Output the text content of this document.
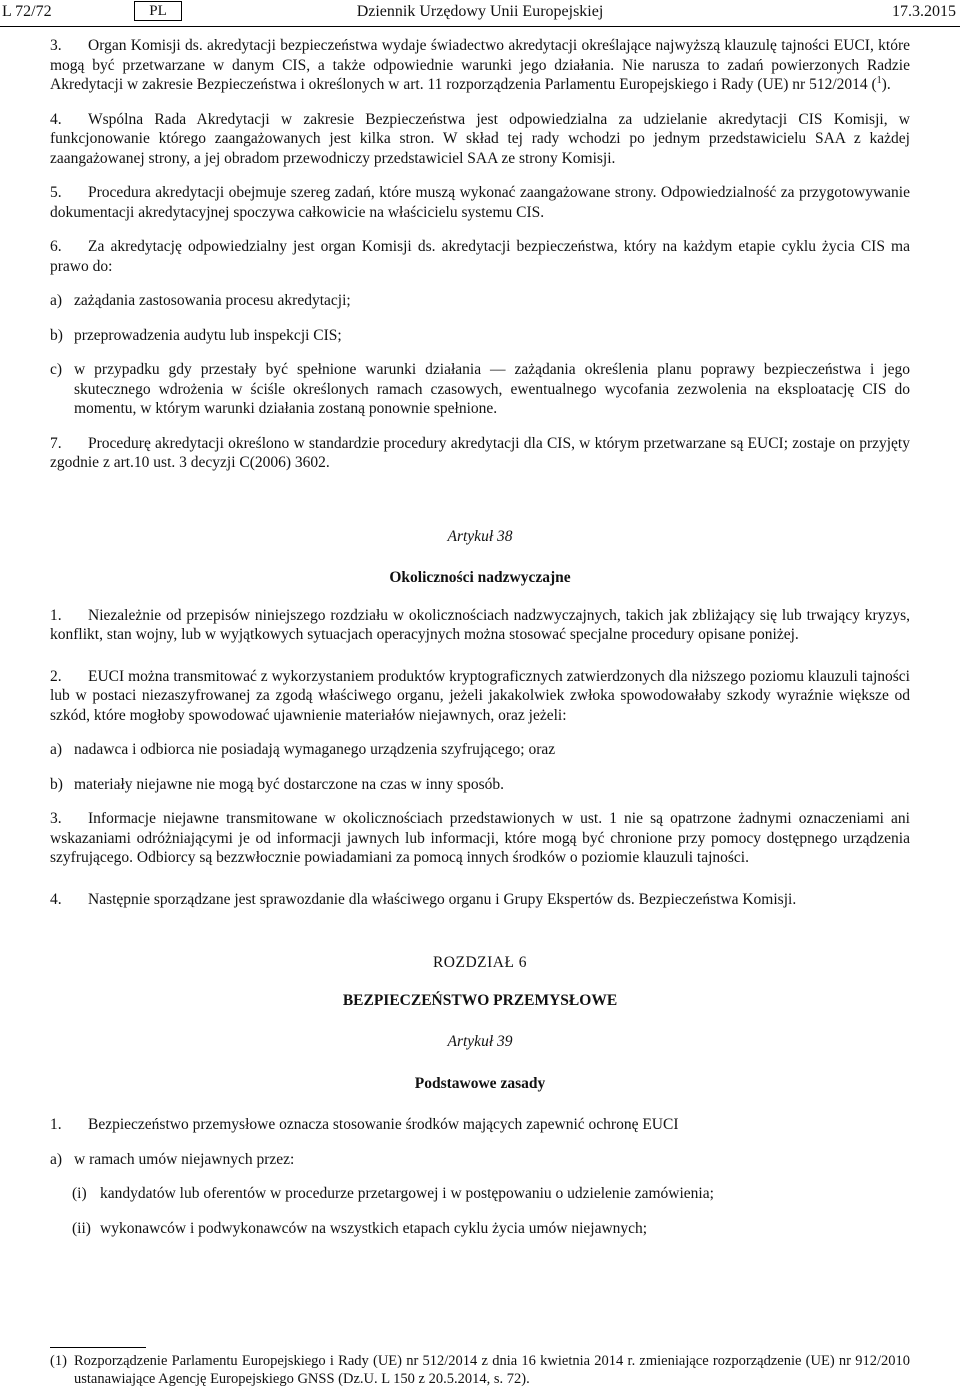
L 72/72	PL	Dziennik Urzędowy Unii Europejskiej	17.3.2015

3. Organ Komisji ds. akredytacji bezpieczeństwa wydaje świadectwo akredytacji określające najwyższą klauzulę tajności EUCI, które mogą być przetwarzane w danym CIS, a także odpowiednie warunki jego działania. Nie narusza to zadań powierzonych Radzie Akredytacji w zakresie Bezpieczeństwa i określonych w art. 11 rozporządzenia Parlamentu Europejskiego i Rady (UE) nr 512/2014 ($^1$).

4. Wspólna Rada Akredytacji w zakresie Bezpieczeństwa jest odpowiedzialna za udzielanie akredytacji CIS Komisji, w funkcjonowanie którego zaangażowanych jest kilka stron. W skład tej rady wchodzi po jednym przedstawicielu SAA z każdej zaangażowanej strony, a jej obradom przewodniczy przedstawiciel SAA ze strony Komisji.

5. Procedura akredytacji obejmuje szereg zadań, które muszą wykonać zaangażowane strony. Odpowiedzialność za przygotowywanie dokumentacji akredytacyjnej spoczywa całkowicie na właścicielu systemu CIS.

6. Za akredytację odpowiedzialny jest organ Komisji ds. akredytacji bezpieczeństwa, który na każdym etapie cyklu życia CIS ma prawo do:

a) zażądania zastosowania procesu akredytacji;
b) przeprowadzenia audytu lub inspekcji CIS;
c) w przypadku gdy przestały być spełnione warunki działania — zażądania określenia planu poprawy bezpieczeństwa i jego skutecznego wdrożenia w ściśle określonych ramach czasowych, ewentualnego wycofania zezwolenia na eksploatację CIS do momentu, w którym warunki działania zostaną ponownie spełnione.

7. Procedurę akredytacji określono w standardzie procedury akredytacji dla CIS, w którym przetwarzane są EUCI; zostaje on przyjęty zgodnie z art.10 ust. 3 decyzji C(2006) 3602.

Artykuł 38

Okoliczności nadzwyczajne

1. Niezależnie od przepisów niniejszego rozdziału w okolicznościach nadzwyczajnych, takich jak zbliżający się lub trwający kryzys, konflikt, stan wojny, lub w wyjątkowych sytuacjach operacyjnych można stosować specjalne procedury opisane poniżej.

2. EUCI można transmitować z wykorzystaniem produktów kryptograficznych zatwierdzonych dla niższego poziomu klauzuli tajności lub w postaci niezaszyfrowanej za zgodą właściwego organu, jeżeli jakakolwiek zwłoka spowodowałaby szkody wyraźnie większe od szkód, które mogłoby spowodować ujawnienie materiałów niejawnych, oraz jeżeli:

a) nadawca i odbiorca nie posiadają wymaganego urządzenia szyfrującego; oraz
b) materiały niejawne nie mogą być dostarczone na czas w inny sposób.

3. Informacje niejawne transmitowane w okolicznościach przedstawionych w ust. 1 nie są opatrzone żadnymi oznaczeniami ani wskazaniami odróżniającymi je od informacji jawnych lub informacji, które mogą być chronione przy pomocy dostępnego urządzenia szyfrującego. Odbiorcy są bezzwłocznie powiadamiani za pomocą innych środków o poziomie klauzuli tajności.

4. Następnie sporządzane jest sprawozdanie dla właściwego organu i Grupy Ekspertów ds. Bezpieczeństwa Komisji.

ROZDZIAŁ 6

BEZPIECZEŃSTWO PRZEMYSŁOWE

Artykuł 39

Podstawowe zasady

1. Bezpieczeństwo przemysłowe oznacza stosowanie środków mających zapewnić ochronę EUCI

a) w ramach umów niejawnych przez:
(i) kandydatów lub oferentów w procedurze przetargowej i w postępowaniu o udzielenie zamówienia;
(ii) wykonawców i podwykonawców na wszystkich etapach cyklu życia umów niejawnych;
(1) Rozporządzenie Parlamentu Europejskiego i Rady (UE) nr 512/2014 z dnia 16 kwietnia 2014 r. zmieniające rozporządzenie (UE) nr 912/2010 ustanawiające Agencję Europejskiego GNSS (Dz.U. L 150 z 20.5.2014, s. 72).
